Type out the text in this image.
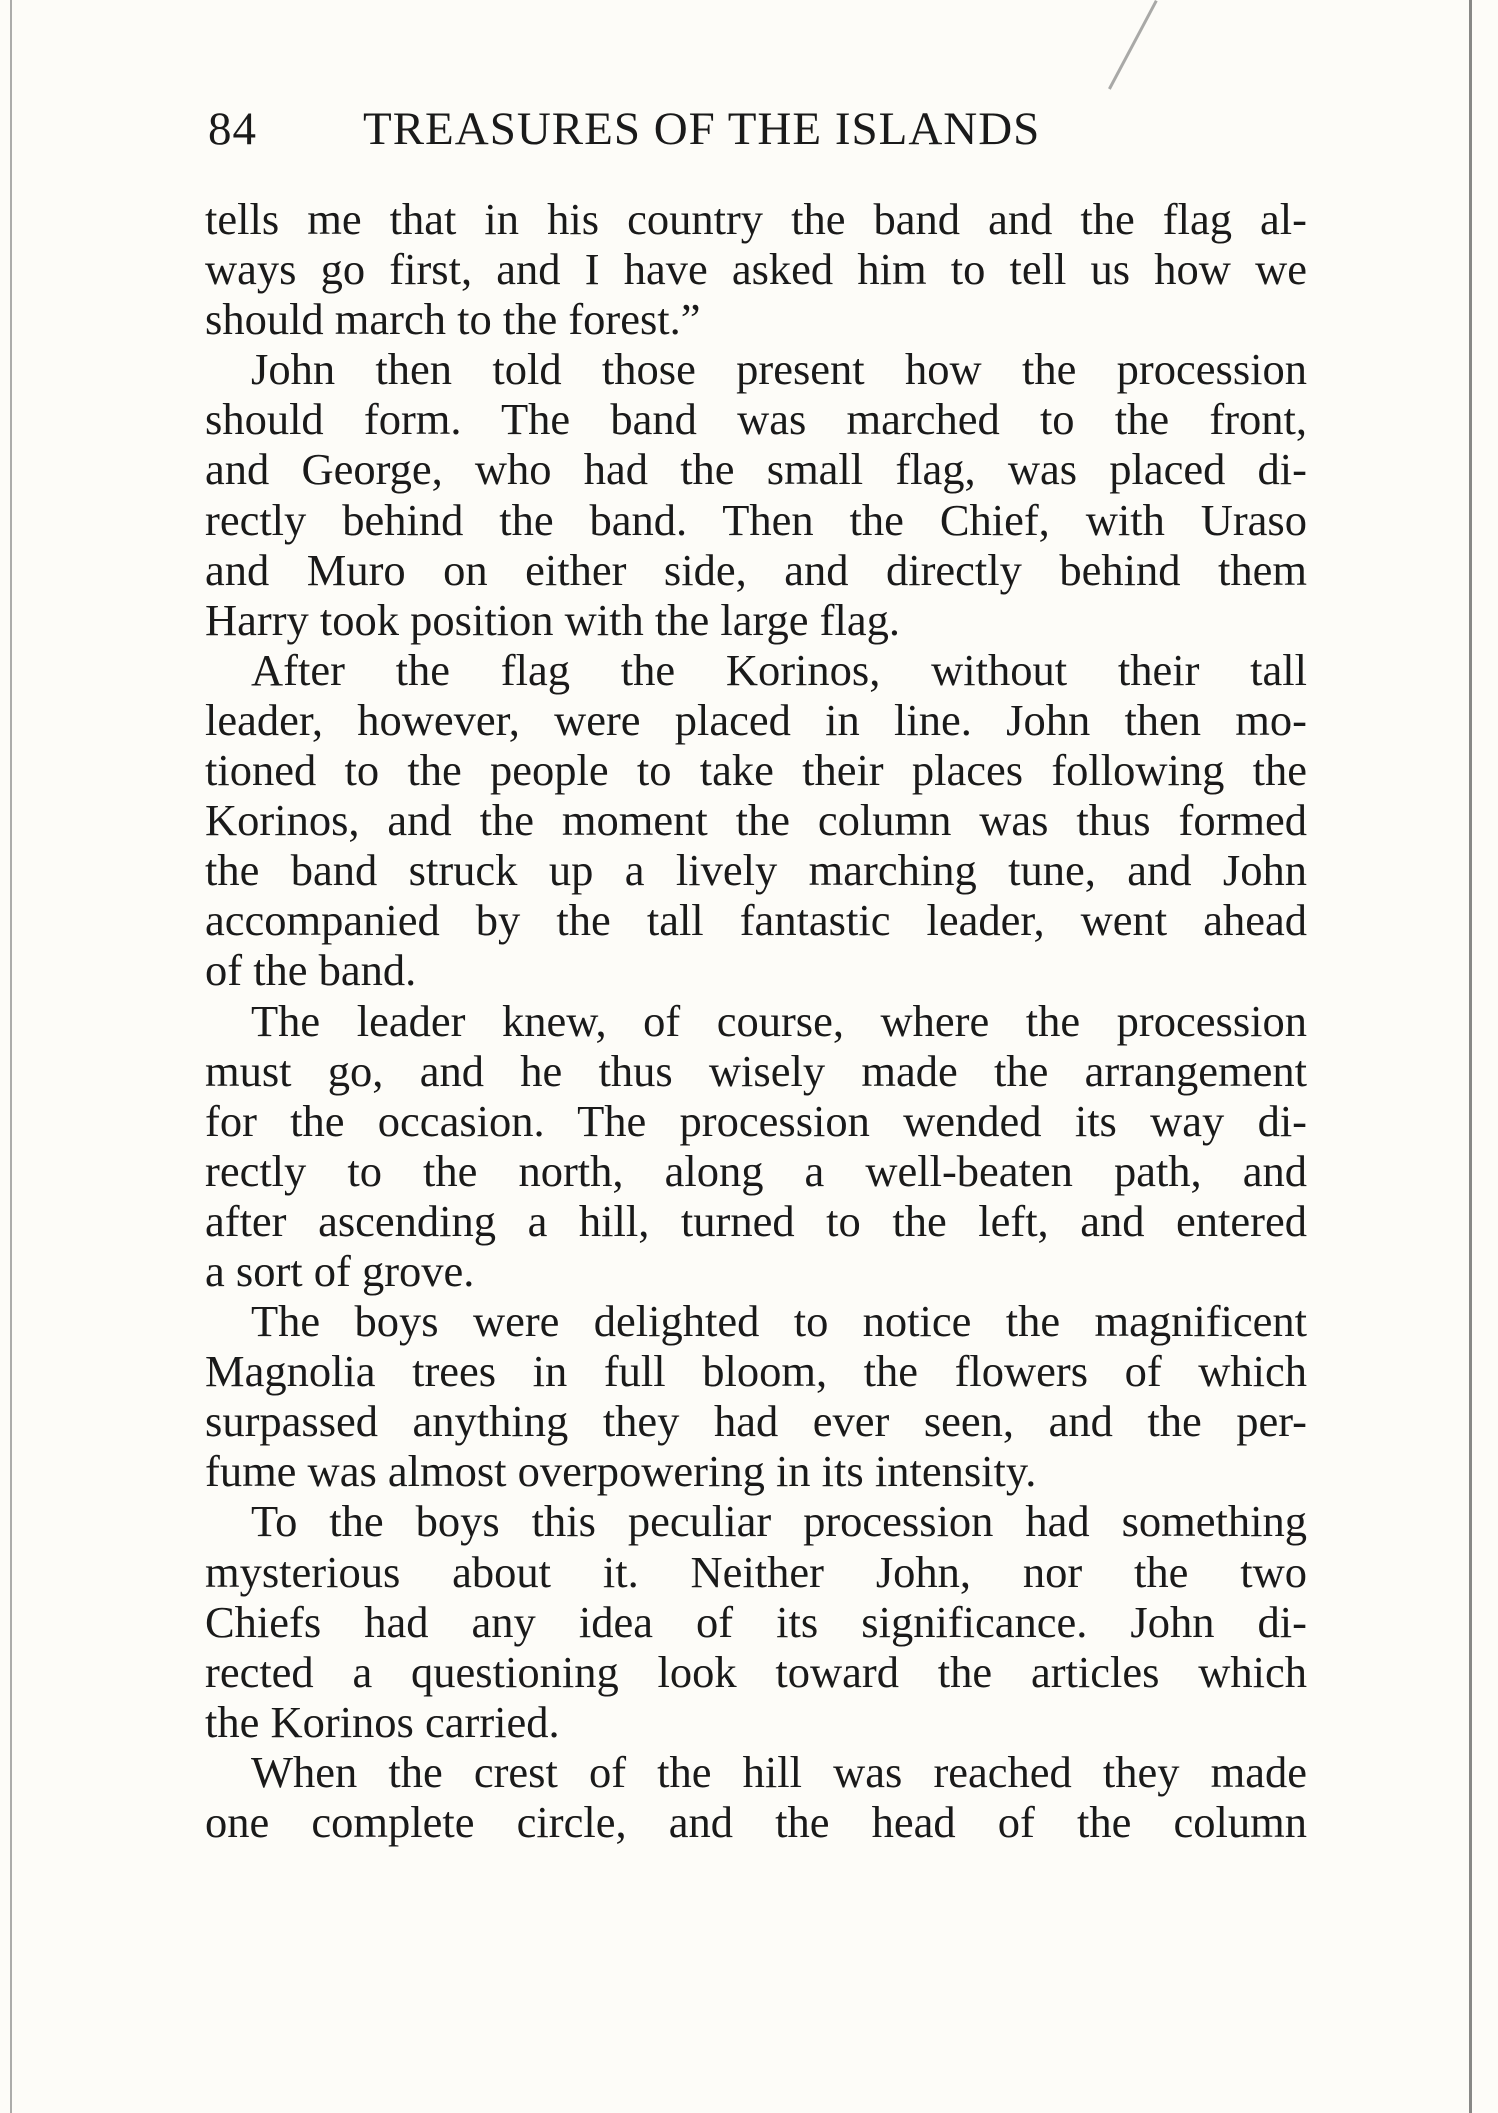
84 TREASURES OF THE ISLANDS
tells me that in his country the band and the flag al-
ways go first, and I have asked him to tell us how we
should march to the forest.”
John then told those present how the procession
should form. The band was marched to the front,
and George, who had the small flag, was placed di-
rectly behind the band. Then the Chief, with Uraso
and Muro on either side, and directly behind them
Harry took position with the large flag.
After the flag the Korinos, without their tall
leader, however, were placed in line. John then mo-
tioned to the people to take their places following the
Korinos, and the moment the column was thus formed
the band struck up a lively marching tune, and John
accompanied by the tall fantastic leader, went ahead
of the band.
The leader knew, of course, where the procession
must go, and he thus wisely made the arrangement
for the occasion. The procession wended its way di-
rectly to the north, along a well-beaten path, and
after ascending a hill, turned to the left, and entered
a sort of grove.
The boys were delighted to notice the magnificent
Magnolia trees in full bloom, the flowers of which
surpassed anything they had ever seen, and the per-
fume was almost overpowering in its intensity.
To the boys this peculiar procession had something
mysterious about it. Neither John, nor the two
Chiefs had any idea of its significance. John di-
rected a questioning look toward the articles which
the Korinos carried.
When the crest of the hill was reached they made
one complete circle, and the head of the column
